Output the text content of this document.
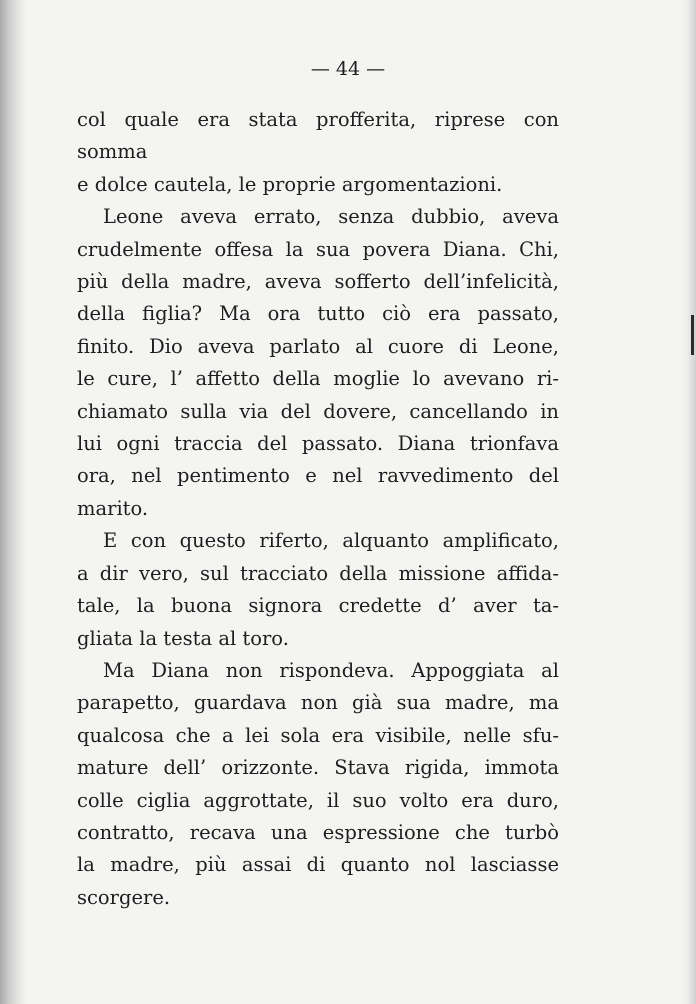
— 44 —

col quale era stata profferita, riprese con somma

e dolce cautela, le proprie argomentazioni.

Leone aveva errato, senza dubbio, aveva

crudelmente offesa la sua povera Diana. Chi,

più della madre, aveva sofferto dell’infelicità,

della figlia? Ma ora tutto ciò era passato,

finito. Dio aveva parlato al cuore di Leone,

le cure, l’ affetto della moglie lo avevano ri-

chiamato sulla via del dovere, cancellando in

lui ogni traccia del passato. Diana trionfava

ora, nel pentimento e nel ravvedimento del

marito.

E con questo riferto, alquanto amplificato,

a dir vero, sul tracciato della missione affida-

tale, la buona signora credette d’ aver ta-

gliata la testa al toro.

Ma Diana non rispondeva. Appoggiata al

parapetto, guardava non già sua madre, ma

qualcosa che a lei sola era visibile, nelle sfu-

mature dell’ orizzonte. Stava rigida, immota

colle ciglia aggrottate, il suo volto era duro,

contratto, recava una espressione che turbò

la madre, più assai di quanto nol lasciasse

scorgere.
